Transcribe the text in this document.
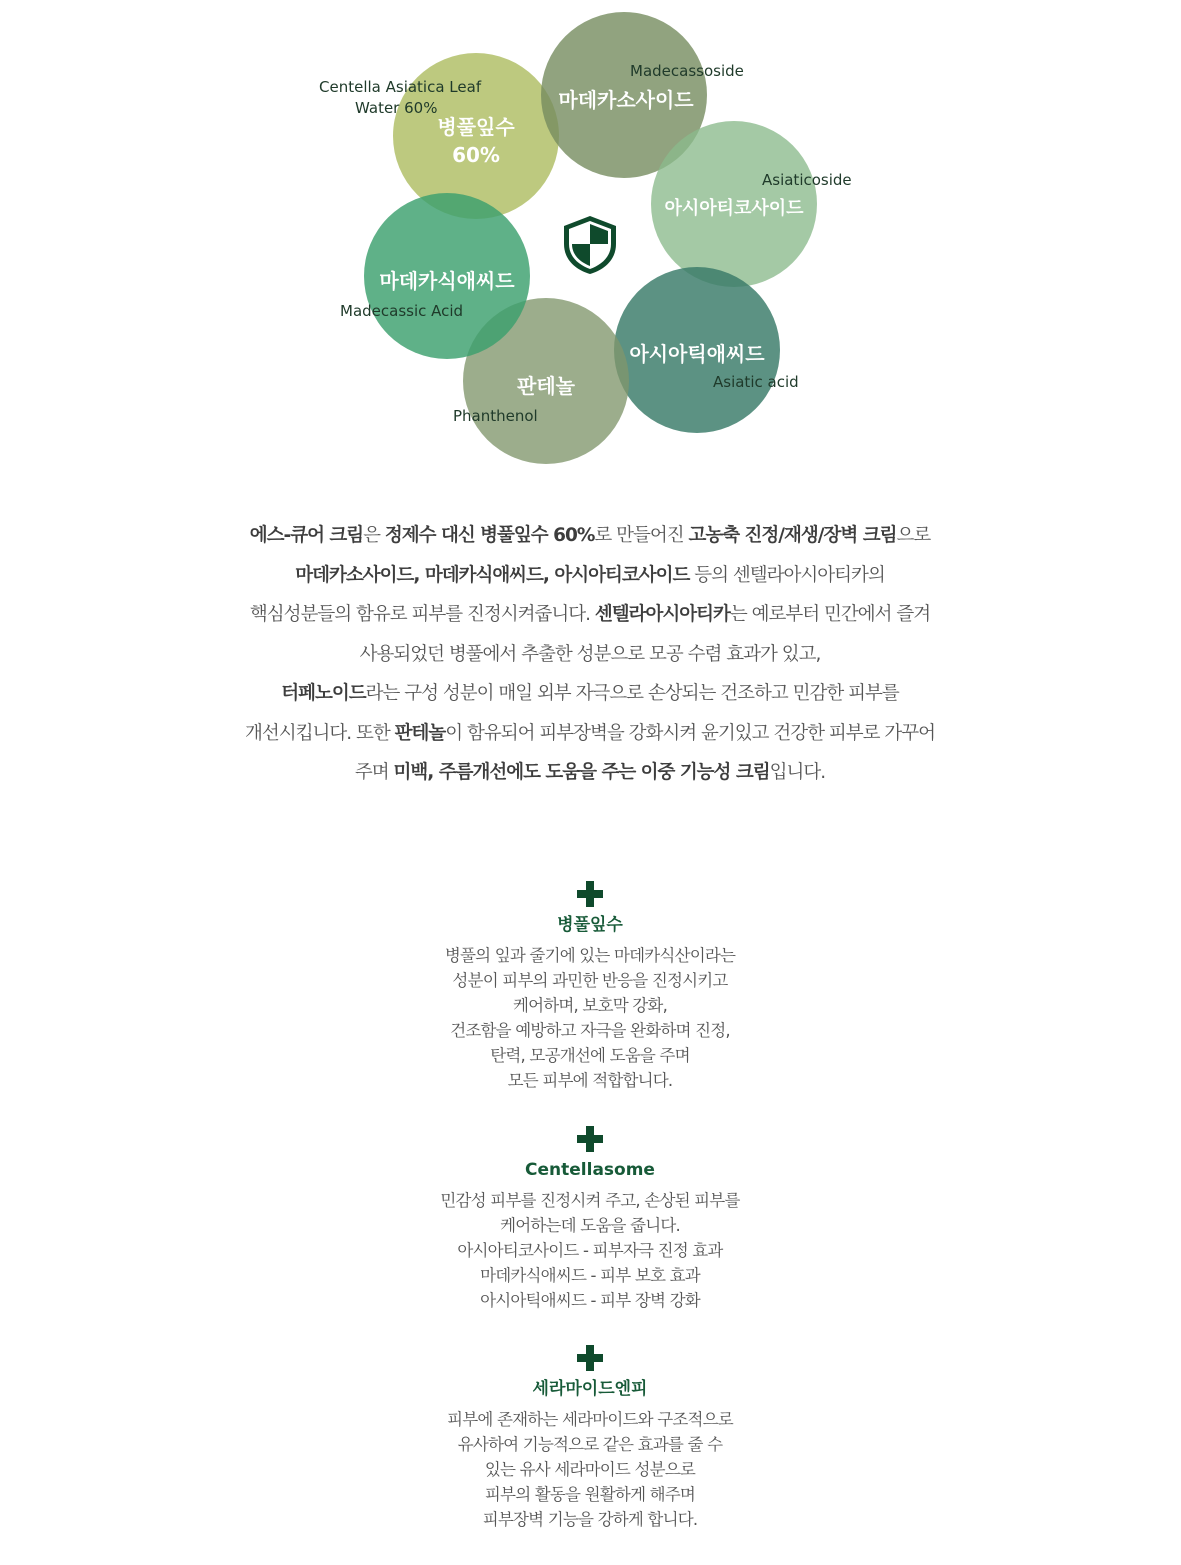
Centella Asiatica Leaf
Water 60%
병풀잎수
60%
Madecassoside
마데카소사이드
Asiaticoside
아시아티코사이드
마데카식애씨드
Madecassic Acid
아시아틱애씨드
Asiatic acid
판테놀
Phanthenol

에스-큐어 크림은 정제수 대신 병풀잎수 60%로 만들어진 고농축 진정/재생/장벽 크림으로

마데카소사이드, 마데카식애씨드, 아시아티코사이드 등의 센텔라아시아티카의

핵심성분들의 함유로 피부를 진정시켜줍니다. 센텔라아시아티카는 예로부터 민간에서 즐겨

사용되었던 병풀에서 추출한 성분으로 모공 수렴 효과가 있고,

터페노이드라는 구성 성분이 매일 외부 자극으로 손상되는 건조하고 민감한 피부를

개선시킵니다. 또한 판테놀이 함유되어 피부장벽을 강화시켜 윤기있고 건강한 피부로 가꾸어

주며 미백, 주름개선에도 도움을 주는 이중 기능성 크림입니다.

병풀잎수
병풀의 잎과 줄기에 있는 마데카식산이라는
성분이 피부의 과민한 반응을 진정시키고
케어하며, 보호막 강화,
건조함을 예방하고 자극을 완화하며 진정,
탄력, 모공개선에 도움을 주며
모든 피부에 적합합니다.
Centellasome
민감성 피부를 진정시켜 주고, 손상된 피부를
케어하는데 도움을 줍니다.
아시아티코사이드 - 피부자극 진정 효과
마데카식애씨드 - 피부 보호 효과
아시아틱애씨드 - 피부 장벽 강화
세라마이드엔피
피부에 존재하는 세라마이드와 구조적으로
유사하여 기능적으로 같은 효과를 줄 수
있는 유사 세라마이드 성분으로
피부의 활동을 원활하게 해주며
피부장벽 기능을 강하게 합니다.
